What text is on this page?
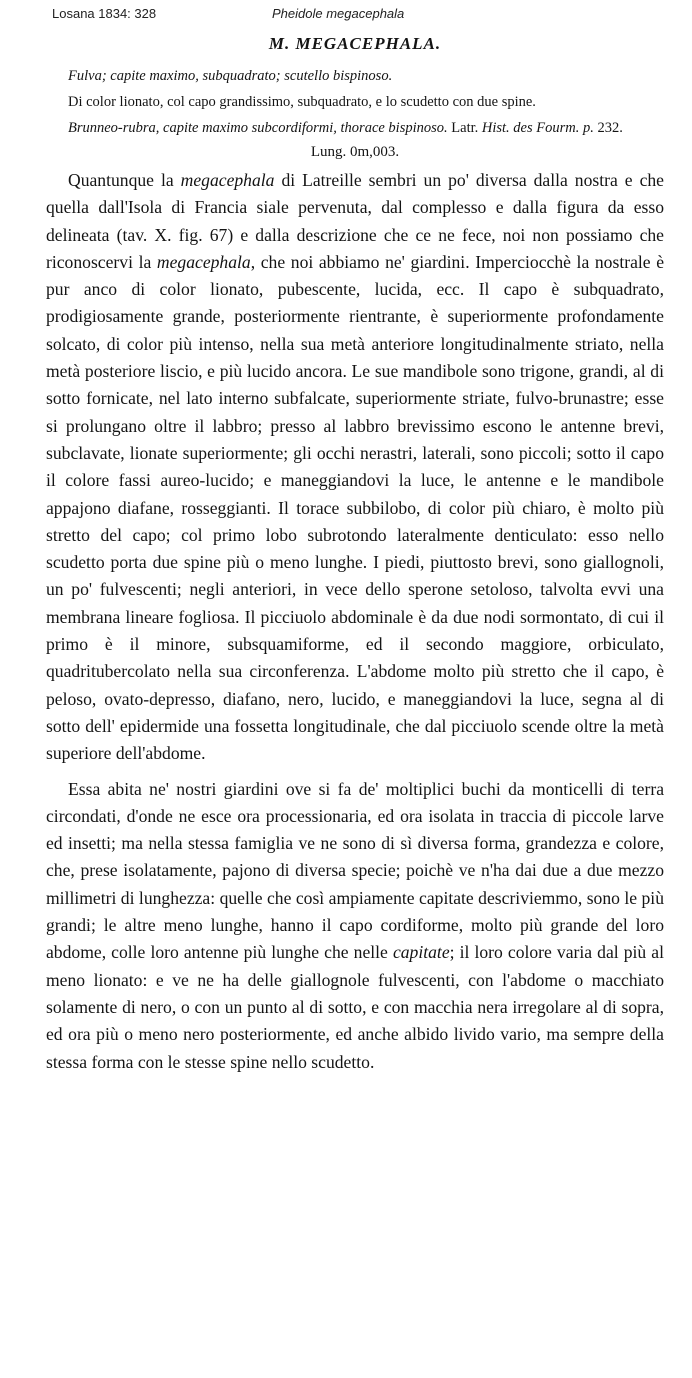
Losana 1834: 328	Pheidole megacephala
M. MEGACEPHALA.

Fulva; capite maximo, subquadrato; scutello bispinoso.

Di color lionato, col capo grandissimo, subquadrato, e lo scudetto con due spine.

Brunneo-rubra, capite maximo subcordiformi, thorace bispinoso. Latr. Hist. des Fourm. p. 232.

Lung. 0m,003.

Quantunque la megacephala di Latreille sembri un po' diversa dalla nostra e che quella dall'Isola di Francia siale pervenuta, dal complesso e dalla figura da esso delineata (tav. X. fig. 67) e dalla descrizione che ce ne fece, noi non possiamo che riconoscervi la megacephala, che noi abbiamo ne' giardini. Imperciocchè la nostrale è pur anco di color lionato, pubescente, lucida, ecc. Il capo è subquadrato, prodigiosamente grande, posteriormente rientrante, è superiormente profondamente solcato, di color più intenso, nella sua metà anteriore longitudinalmente striato, nella metà posteriore liscio, e più lucido ancora. Le sue mandibole sono trigone, grandi, al di sotto fornicate, nel lato interno subfalcate, superiormente striate, fulvo-brunastre; esse si prolungano oltre il labbro; presso al labbro brevissimo escono le antenne brevi, subclavate, lionate superiormente; gli occhi nerastri, laterali, sono piccoli; sotto il capo il colore fassi aureo-lucido; e maneggiandovi la luce, le antenne e le mandibole appajono diafane, rosseggianti. Il torace subbilobo, di color più chiaro, è molto più stretto del capo; col primo lobo subrotondo lateralmente denticulato: esso nello scudetto porta due spine più o meno lunghe. I piedi, piuttosto brevi, sono giallognoli, un po' fulvescenti; negli anteriori, in vece dello sperone setoloso, talvolta evvi una membrana lineare fogliosa. Il picciuolo abdominale è da due nodi sormontato, di cui il primo è il minore, subsquamiforme, ed il secondo maggiore, orbiculato, quadritubercolato nella sua circonferenza. L'abdome molto più stretto che il capo, è peloso, ovato-depresso, diafano, nero, lucido, e maneggiandovi la luce, segna al di sotto dell' epidermide una fossetta longitudinale, che dal picciuolo scende oltre la metà superiore dell'abdome.

Essa abita ne' nostri giardini ove si fa de' moltiplici buchi da monticelli di terra circondati, d'onde ne esce ora processionaria, ed ora isolata in traccia di piccole larve ed insetti; ma nella stessa famiglia ve ne sono di sì diversa forma, grandezza e colore, che, prese isolatamente, pajono di diversa specie; poichè ve n'ha dai due a due mezzo millimetri di lunghezza: quelle che così ampiamente capitate descriviemmo, sono le più grandi; le altre meno lunghe, hanno il capo cordiforme, molto più grande del loro abdome, colle loro antenne più lunghe che nelle capitate; il loro colore varia dal più al meno lionato: e ve ne ha delle giallognole fulvescenti, con l'abdome o macchiato solamente di nero, o con un punto al di sotto, e con macchia nera irregolare al di sopra, ed ora più o meno nero posteriormente, ed anche albido livido vario, ma sempre della stessa forma con le stesse spine nello scudetto.
